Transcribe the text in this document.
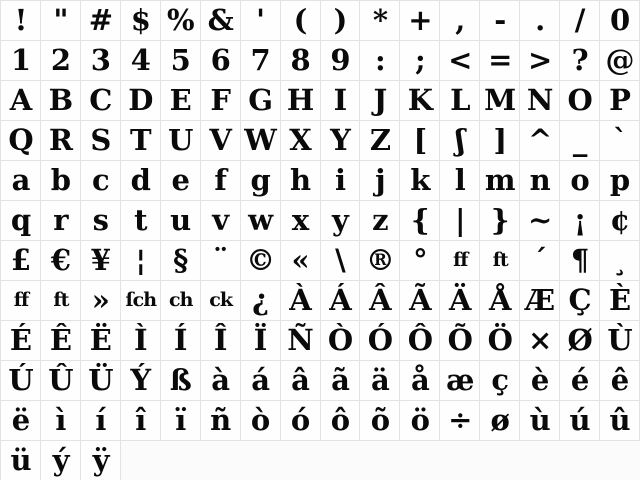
! " # $ % & ' ( ) * + , - .	/ 0
1 2 3 4 5 6 7 8 9 :	; < = > ? @
A B C D E F G H I J K L M N O P
Q R S T U V W X Y Z [ ʃ ] ^ _ `
a b c d e f g h i	j k l m n o p
q r s t u v w x y z { | } ~ ¡ ¢
£ € ¥ ¦ § ¨ © « \ ® °	ff	ft ´ ¶ ¸
ff	ft » ſch ch ck ¿ À Á Â Ã Ä Å Æ Ç È
É Ê Ë Ì Í Î Ï Ñ Ò Ó Ô Õ Ö × Ø Ù
Ú Û Ü Ý ß à á â ã ä å æ ç è é ê
ë ì í î ï ñ ò ó ô õ ö ÷ ø ù ú û
ü ý ÿ
